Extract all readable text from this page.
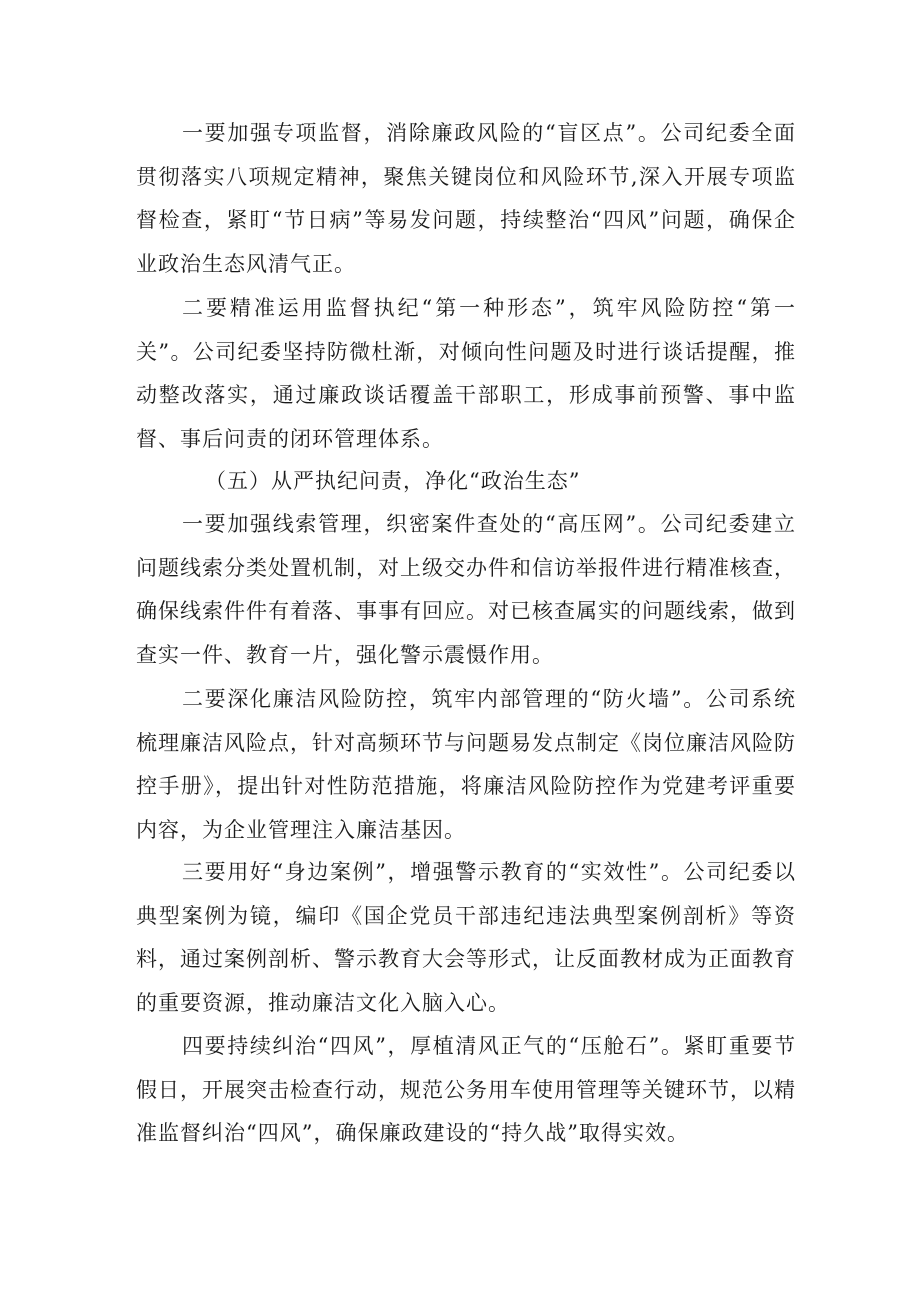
一要加强专项监督，消除廉政风险的“盲区点”。公司纪委全面贯彻落实八项规定精神，聚焦关键岗位和风险环节,深入开展专项监督检查，紧盯“节日病”等易发问题，持续整治“四风”问题，确保企业政治生态风清气正。

二要精准运用监督执纪“第一种形态”，筑牢风险防控“第一关”。公司纪委坚持防微杜渐，对倾向性问题及时进行谈话提醒，推动整改落实，通过廉政谈话覆盖干部职工，形成事前预警、事中监督、事后问责的闭环管理体系。

（五）从严执纪问责，净化“政治生态”

一要加强线索管理，织密案件查处的“高压网”。公司纪委建立问题线索分类处置机制，对上级交办件和信访举报件进行精准核查，确保线索件件有着落、事事有回应。对已核查属实的问题线索，做到查实一件、教育一片，强化警示震慑作用。

二要深化廉洁风险防控，筑牢内部管理的“防火墙”。公司系统梳理廉洁风险点，针对高频环节与问题易发点制定《岗位廉洁风险防控手册》，提出针对性防范措施，将廉洁风险防控作为党建考评重要内容，为企业管理注入廉洁基因。

三要用好“身边案例”，增强警示教育的“实效性”。公司纪委以典型案例为镜，编印《国企党员干部违纪违法典型案例剖析》等资料，通过案例剖析、警示教育大会等形式，让反面教材成为正面教育的重要资源，推动廉洁文化入脑入心。

四要持续纠治“四风”，厚植清风正气的“压舱石”。紧盯重要节假日，开展突击检查行动，规范公务用车使用管理等关键环节，以精准监督纠治“四风”，确保廉政建设的“持久战”取得实效。
